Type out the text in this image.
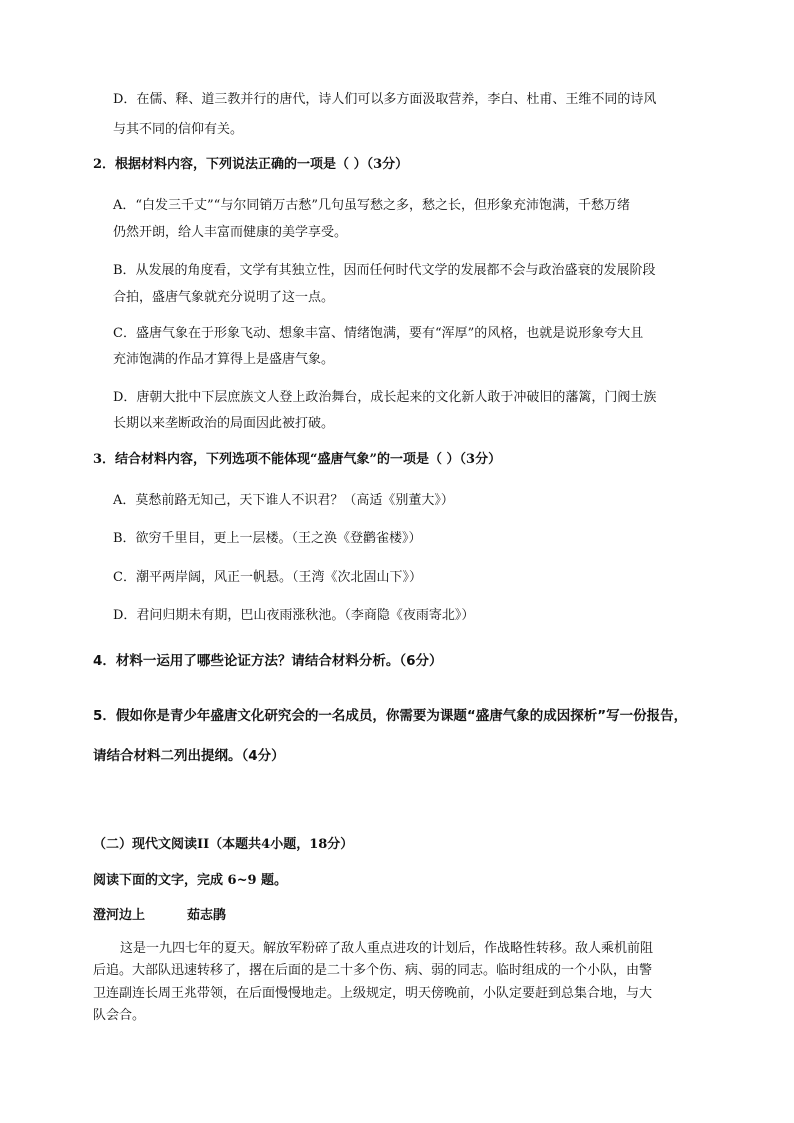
D．在儒、释、道三教并行的唐代，诗人们可以多方面汲取营养，李白、杜甫、王维不同的诗风
与其不同的信仰有关。
2．根据材料内容，下列说法正确的一项是（ ）（3分）
A．“白发三千丈”“与尔同销万古愁”几句虽写愁之多，愁之长，但形象充沛饱满，千愁万绪
仍然开朗，给人丰富而健康的美学享受。
B．从发展的角度看，文学有其独立性，因而任何时代文学的发展都不会与政治盛衰的发展阶段
合拍，盛唐气象就充分说明了这一点。
C．盛唐气象在于形象飞动、想象丰富、情绪饱满，要有“浑厚”的风格，也就是说形象夸大且
充沛饱满的作品才算得上是盛唐气象。
D．唐朝大批中下层庶族文人登上政治舞台，成长起来的文化新人敢于冲破旧的藩篱，门阀士族
长期以来垄断政治的局面因此被打破。
3．结合材料内容，下列选项不能体现“盛唐气象”的一项是（ ）（3分）
A．莫愁前路无知己，天下谁人不识君？（高适《别董大》）
B．欲穷千里目，更上一层楼。（王之涣《登鹳雀楼》）
C．潮平两岸阔，风正一帆悬。（王湾《次北固山下》）
D．君问归期未有期，巴山夜雨涨秋池。（李商隐《夜雨寄北》）
4．材料一运用了哪些论证方法？请结合材料分析。（6分）
5．假如你是青少年盛唐文化研究会的一名成员，你需要为课题“盛唐气象的成因探析”写一份报告，
请结合材料二列出提纲。（4分）
（二）现代文阅读II（本题共4小题，18分）
阅读下面的文字，完成 6~9 题。
澄河边上	茹志鹃
这是一九四七年的夏天。解放军粉碎了敌人重点进攻的计划后，作战略性转移。敌人乘机前阻
后追。大部队迅速转移了，撂在后面的是二十多个伤、病、弱的同志。临时组成的一个小队，由警
卫连副连长周王兆带领，在后面慢慢地走。上级规定，明天傍晚前，小队定要赶到总集合地，与大
队会合。
